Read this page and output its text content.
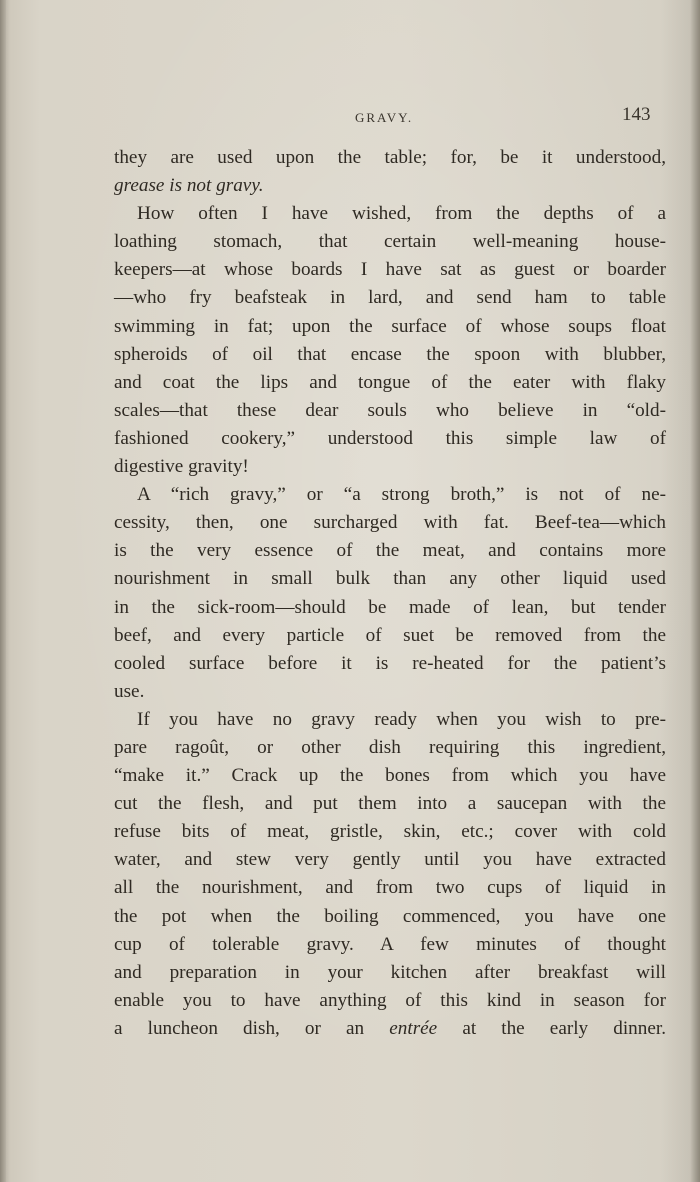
GRAVY.	143
they are used upon the table; for, be it understood,
grease is not gravy.
How often I have wished, from the depths of a
loathing stomach, that certain well-meaning house-
keepers—at whose boards I have sat as guest or boarder
—who fry beafsteak in lard, and send ham to table
swimming in fat; upon the surface of whose soups float
spheroids of oil that encase the spoon with blubber,
and coat the lips and tongue of the eater with flaky
scales—that these dear souls who believe in “old-
fashioned cookery,” understood this simple law of
digestive gravity!
A “rich gravy,” or “a strong broth,” is not of ne-
cessity, then, one surcharged with fat. Beef-tea—which
is the very essence of the meat, and contains more
nourishment in small bulk than any other liquid used
in the sick-room—should be made of lean, but tender
beef, and every particle of suet be removed from the
cooled surface before it is re-heated for the patient’s
use.
If you have no gravy ready when you wish to pre-
pare ragoût, or other dish requiring this ingredient,
“make it.” Crack up the bones from which you have
cut the flesh, and put them into a saucepan with the
refuse bits of meat, gristle, skin, etc.; cover with cold
water, and stew very gently until you have extracted
all the nourishment, and from two cups of liquid in
the pot when the boiling commenced, you have one
cup of tolerable gravy. A few minutes of thought
and preparation in your kitchen after breakfast will
enable you to have anything of this kind in season for
a luncheon dish, or an entrée at the early dinner.
